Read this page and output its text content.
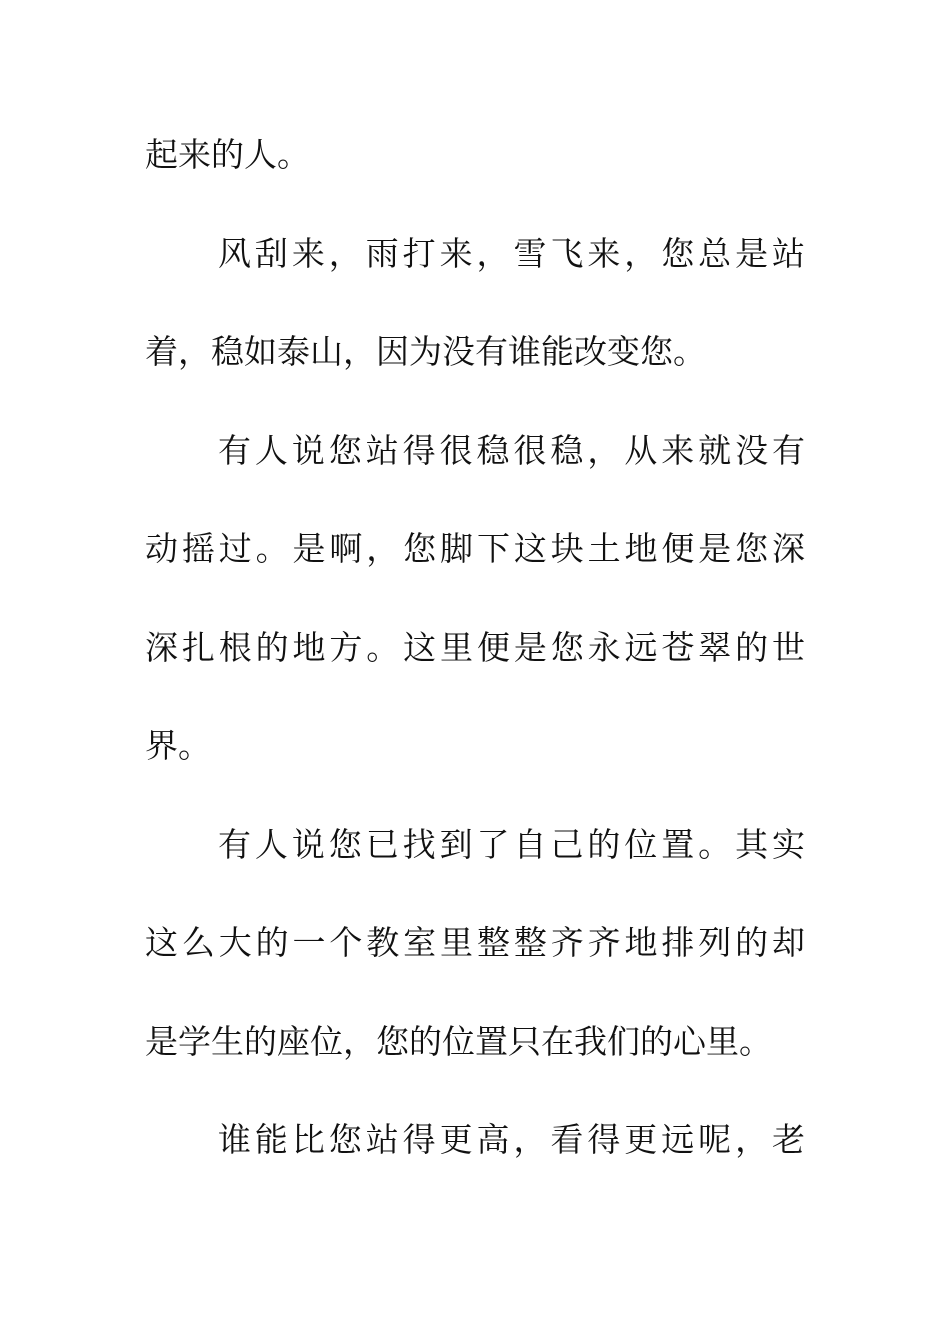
起来的人。
风刮来，雨打来，雪飞来，您总是站
着，稳如泰山，因为没有谁能改变您。
有人说您站得很稳很稳，从来就没有
动摇过。是啊，您脚下这块土地便是您深
深扎根的地方。这里便是您永远苍翠的世
界。
有人说您已找到了自己的位置。其实
这么大的一个教室里整整齐齐地排列的却
是学生的座位，您的位置只在我们的心里。
谁能比您站得更高，看得更远呢，老
